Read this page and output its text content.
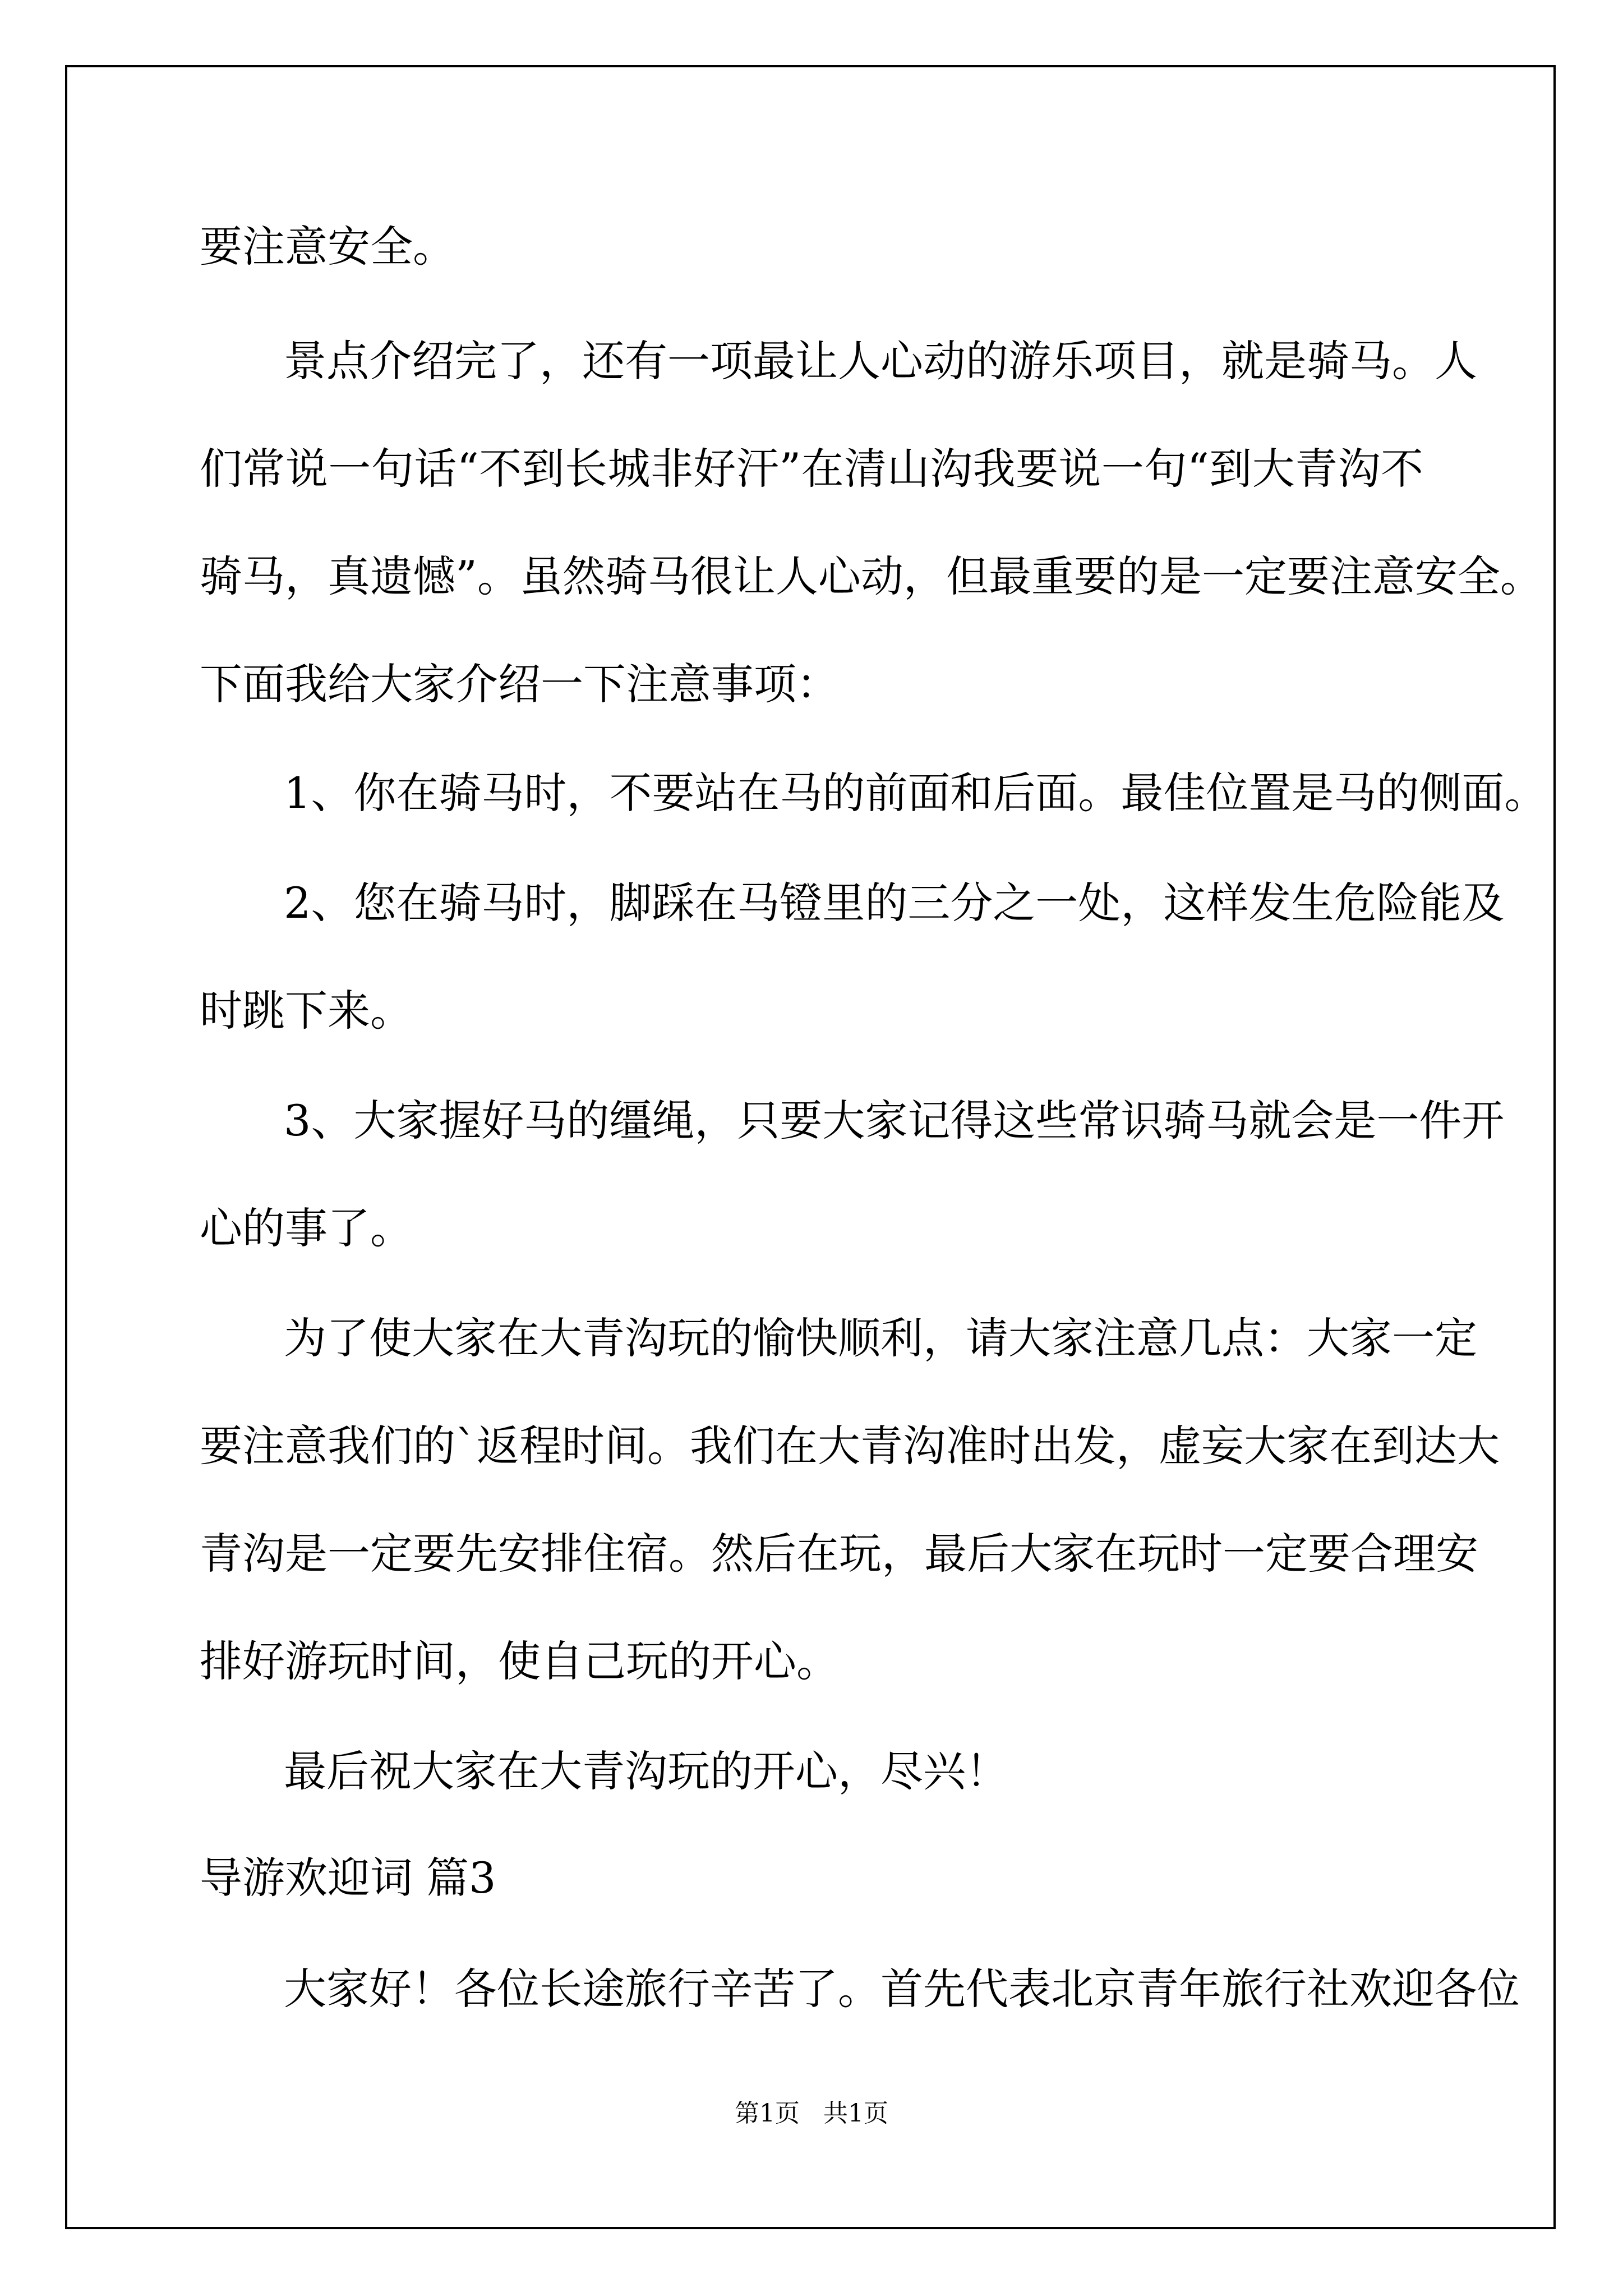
要注意安全。

景点介绍完了，还有一项最让人心动的游乐项目，就是骑马。人

们常说一句话“不到长城非好汗”在清山沟我要说一句“到大青沟不

骑马，真遗憾”。虽然骑马很让人心动，但最重要的是一定要注意安全。

下面我给大家介绍一下注意事项：

1、你在骑马时，不要站在马的前面和后面。最佳位置是马的侧面。

2、您在骑马时，脚踩在马镫里的三分之一处，这样发生危险能及

时跳下来。

3、大家握好马的缰绳，只要大家记得这些常识骑马就会是一件开

心的事了。

为了使大家在大青沟玩的愉快顺利，请大家注意几点：大家一定

要注意我们的`返程时间。我们在大青沟准时出发，虚妄大家在到达大

青沟是一定要先安排住宿。然后在玩，最后大家在玩时一定要合理安

排好游玩时间，使自己玩的开心。

最后祝大家在大青沟玩的开心，尽兴！

导游欢迎词 篇3

大家好！各位长途旅行辛苦了。首先代表北京青年旅行社欢迎各位

第1页   共1页
